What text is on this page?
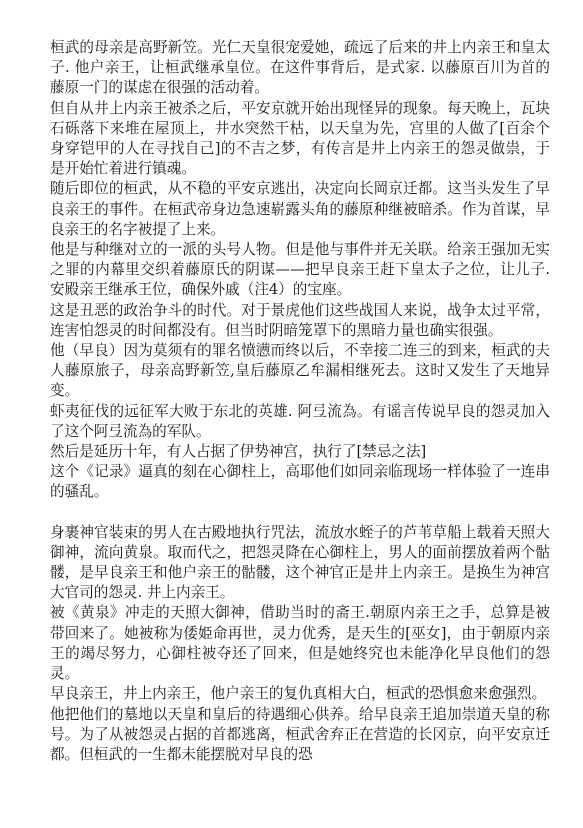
桓武的母亲是高野新笠。光仁天皇很宠爱她，疏远了后来的井上内亲王和皇太子. 他户亲王，让桓武继承皇位。在这件事背后，是式家. 以藤原百川为首的藤原一门的谋虑在很强的活动着。

但自从井上内亲王被杀之后，平安京就开始出现怪异的现象。每天晚上，瓦块石砾落下来堆在屋顶上，井水突然干枯，以天皇为先，宫里的人做了[百余个身穿铠甲的人在寻找自己]的不吉之梦，有传言是井上内亲王的怨灵做祟，于是开始忙着进行镇魂。

随后即位的桓武，从不稳的平安京逃出，决定向长岡京迁都。这当头发生了早良亲王的事件。在桓武帝身边急速崭露头角的藤原种继被暗杀。作为首谋，早良亲王的名字被提了上来。

他是与种继对立的一派的头号人物。但是他与事件并无关联。给亲王强加无实之罪的内幕里交织着藤原氏的阴谋——把早良亲王赶下皇太子之位，让儿子.安殿亲王继承王位，确保外戚（注4）的宝座。

这是丑恶的政治争斗的时代。对于景虎他们这些战国人来说，战争太过平常，连害怕怨灵的时间都没有。但当时阴暗笼罩下的黑暗力量也确实很强。

他（早良）因为莫须有的罪名愤懑而终以后，不幸接二连三的到来，桓武的夫人藤原旅子，母亲高野新笠,皇后藤原乙牟漏相继死去。这时又发生了天地异变。

虾夷征伐的远征军大败于东北的英雄. 阿弖流為。有谣言传说早良的怨灵加入了这个阿弖流為的军队。

然后是延历十年，有人占据了伊势神宫，执行了[禁忌之法]

这个《记录》逼真的刻在心御柱上，高耶他们如同亲临现场一样体验了一连串的骚乱。

身裹神官装束的男人在古殿地执行咒法，流放水蛭子的芦苇草船上载着天照大御神，流向黄泉。取而代之，把怨灵降在心御柱上，男人的面前摆放着两个骷髅，是早良亲王和他户亲王的骷髅，这个神官正是井上内亲王。是换生为神宫大官司的怨灵. 井上内亲王。

被《黄泉》冲走的天照大御神，借助当时的斋王.朝原内亲王之手，总算是被带回来了。她被称为倭姫命再世，灵力优秀，是天生的[巫女]，由于朝原内亲王的竭尽努力，心御柱被夺还了回来，但是她终究也未能净化早良他们的怨灵。

早良亲王，井上内亲王，他户亲王的复仇真相大白，桓武的恐惧愈来愈强烈。

他把他们的墓地以天皇和皇后的待遇细心供养。给早良亲王追加崇道天皇的称号。为了从被怨灵占据的首都逃离，桓武舍弃正在营造的长冈京，向平安京迁都。但桓武的一生都未能摆脱对早良的恐
